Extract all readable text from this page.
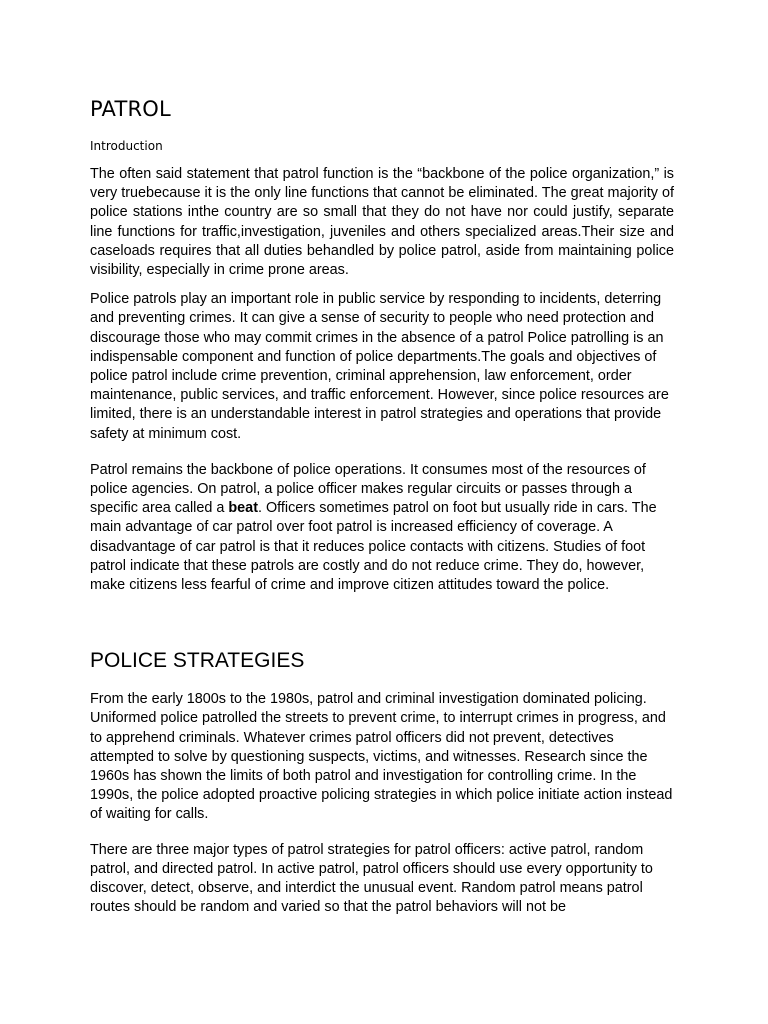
PATROL
Introduction

The often said statement that patrol function is the “backbone of the police organization,” is very truebecause it is the only line functions that cannot be eliminated. The great majority of police stations inthe country are so small that they do not have nor could justify, separate line functions for traffic,investigation, juveniles and others specialized areas.Their size and caseloads requires that all duties behandled by police patrol, aside from maintaining police visibility, especially in crime prone areas.

Police patrols play an important role in public service by responding to incidents, deterring and preventing crimes. It can give a sense of security to people who need protection and discourage those who may commit crimes in the absence of a patrol Police patrolling is an indispensable component and function of police departments.The goals and objectives of police patrol include crime prevention, criminal apprehension, law enforcement, order maintenance, public services, and traffic enforcement. However, since police resources are limited, there is an understandable interest in patrol strategies and operations that provide safety at minimum cost.

Patrol remains the backbone of police operations. It consumes most of the resources of police agencies. On patrol, a police officer makes regular circuits or passes through a specific area called a beat. Officers sometimes patrol on foot but usually ride in cars. The main advantage of car patrol over foot patrol is increased efficiency of coverage. A disadvantage of car patrol is that it reduces police contacts with citizens. Studies of foot patrol indicate that these patrols are costly and do not reduce crime. They do, however, make citizens less fearful of crime and improve citizen attitudes toward the police.

POLICE STRATEGIES

From the early 1800s to the 1980s, patrol and criminal investigation dominated policing. Uniformed police patrolled the streets to prevent crime, to interrupt crimes in progress, and to apprehend criminals. Whatever crimes patrol officers did not prevent, detectives attempted to solve by questioning suspects, victims, and witnesses. Research since the 1960s has shown the limits of both patrol and investigation for controlling crime. In the 1990s, the police adopted proactive policing strategies in which police initiate action instead of waiting for calls.

There are three major types of patrol strategies for patrol officers: active patrol, random patrol, and directed patrol. In active patrol, patrol officers should use every opportunity to discover, detect, observe, and interdict the unusual event. Random patrol means patrol routes should be random and varied so that the patrol behaviors will not be
